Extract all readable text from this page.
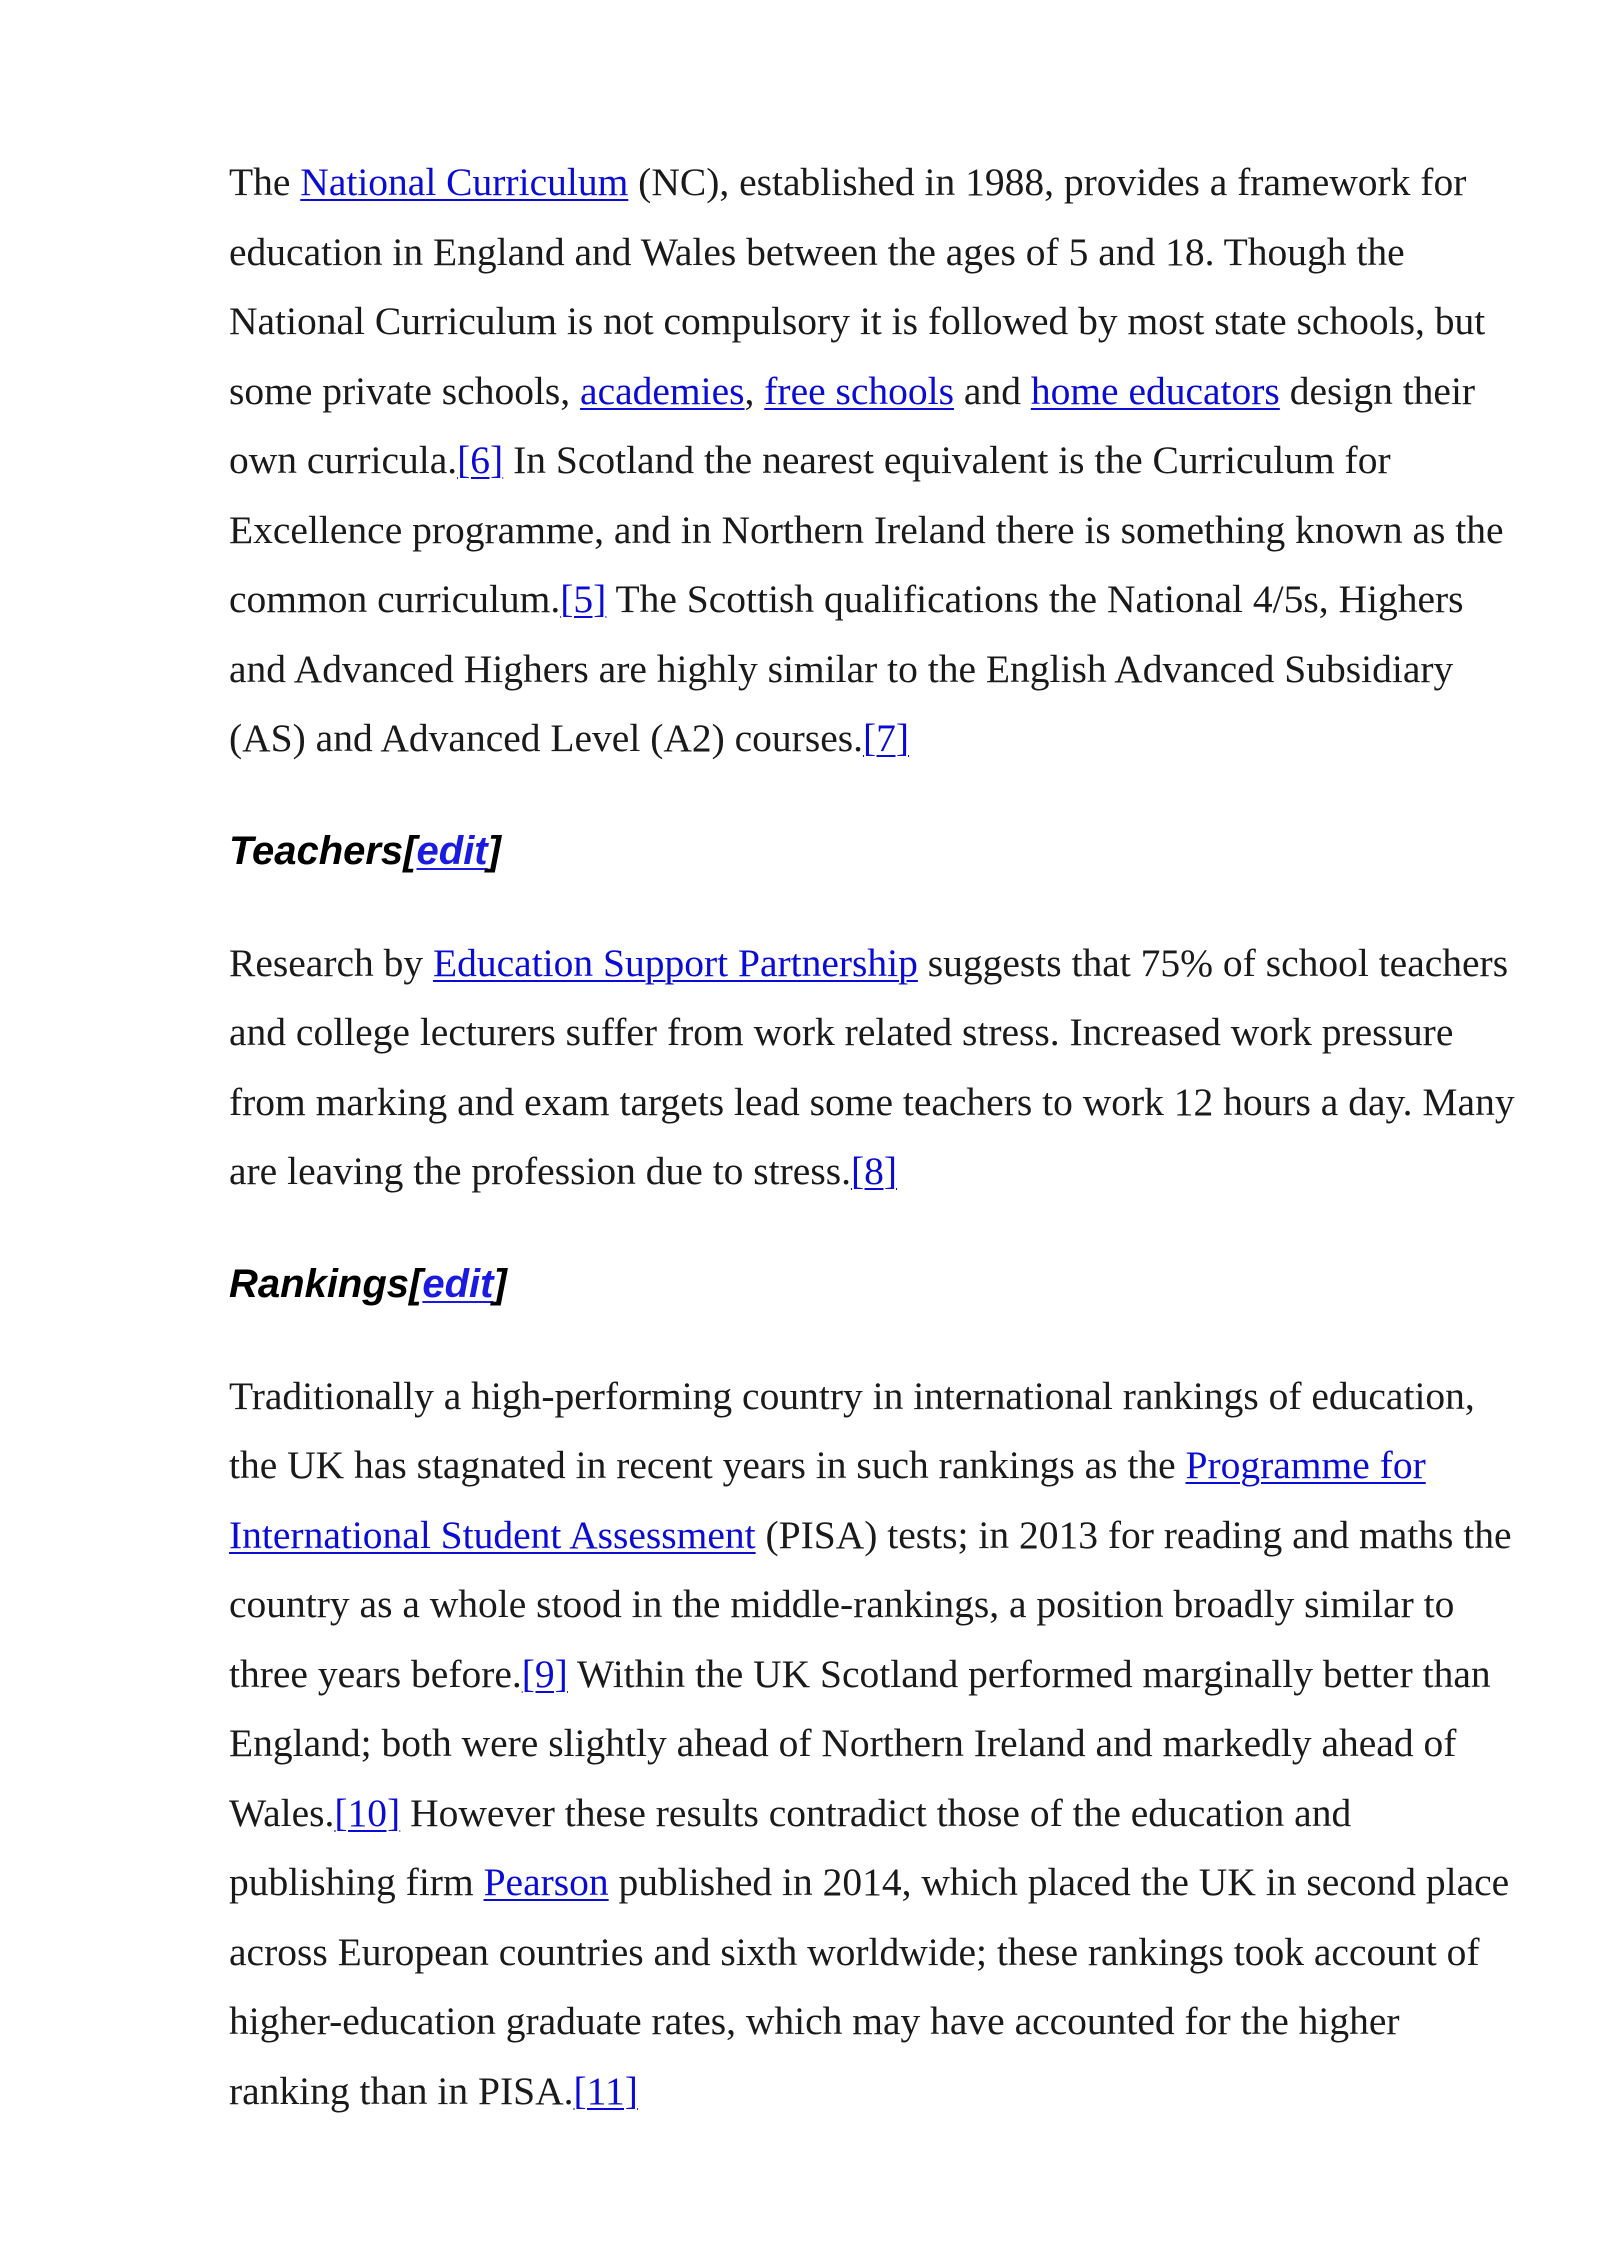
The National Curriculum (NC), established in 1988, provides a framework for education in England and Wales between the ages of 5 and 18. Though the National Curriculum is not compulsory it is followed by most state schools, but some private schools, academies, free schools and home educators design their own curricula.[6] In Scotland the nearest equivalent is the Curriculum for Excellence programme, and in Northern Ireland there is something known as the common curriculum.[5] The Scottish qualifications the National 4/5s, Highers and Advanced Highers are highly similar to the English Advanced Subsidiary (AS) and Advanced Level (A2) courses.[7]

Teachers[edit]

Research by Education Support Partnership suggests that 75% of school teachers and college lecturers suffer from work related stress. Increased work pressure from marking and exam targets lead some teachers to work 12 hours a day. Many are leaving the profession due to stress.[8]

Rankings[edit]

Traditionally a high-performing country in international rankings of education, the UK has stagnated in recent years in such rankings as the Programme for International Student Assessment (PISA) tests; in 2013 for reading and maths the country as a whole stood in the middle-rankings, a position broadly similar to three years before.[9] Within the UK Scotland performed marginally better than England; both were slightly ahead of Northern Ireland and markedly ahead of Wales.[10] However these results contradict those of the education and publishing firm Pearson published in 2014, which placed the UK in second place across European countries and sixth worldwide; these rankings took account of higher-education graduate rates, which may have accounted for the higher ranking than in PISA.[11]
